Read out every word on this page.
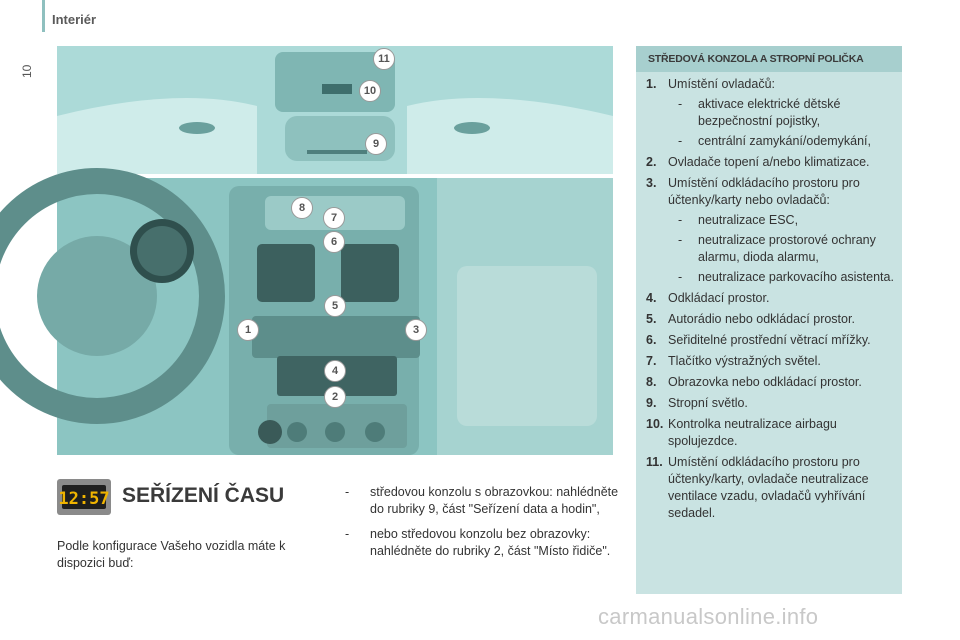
Interiér
10
11
10
9
8
7
6
5
1	3
4
2
STŘEDOVÁ KONZOLA A STROPNÍ POLIČKA
1. Umístění ovladačů:
- aktivace elektrické dětské bezpečnostní pojistky,
- centrální zamykání/odemykání,
2. Ovladače topení a/nebo klimatizace.
3. Umístění odkládacího prostoru pro účtenky/karty nebo ovladačů:
- neutralizace ESC,
- neutralizace prostorové ochrany alarmu, dioda alarmu,
- neutralizace parkovacího asistenta.
4. Odkládací prostor.
5. Autorádio nebo odkládací prostor.
6. Seřiditelné prostřední větrací mřížky.
7. Tlačítko výstražných světel.
8. Obrazovka nebo odkládací prostor.
9. Stropní světlo.
10. Kontrolka neutralizace airbagu spolujezdce.
11. Umístění odkládacího prostoru pro účtenky/karty, ovladače neutralizace ventilace vzadu, ovladačů vyhřívání sedadel.
12:57 SEŘÍZENÍ ČASU
Podle konfigurace Vašeho vozidla máte k dispozici buď:
- středovou konzolu s obrazovkou: nahlédněte do rubriky 9, část "Seřízení data a hodin",
- nebo středovou konzolu bez obrazovky: nahlédněte do rubriky 2, část "Místo řidiče".
carmanualsonline.info
